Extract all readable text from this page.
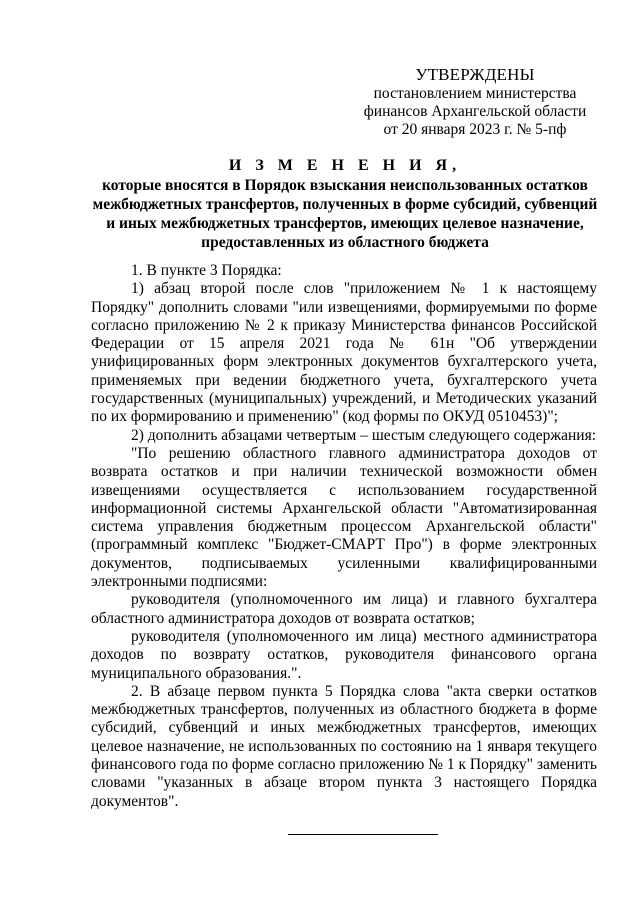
УТВЕРЖДЕНЫ
постановлением министерства
финансов Архангельской области
от 20 января 2023 г. № 5-пф
И З М Е Н Е Н И Я,
которые вносятся в Порядок взыскания неиспользованных остатков межбюджетных трансфертов, полученных в форме субсидий, субвенций и иных межбюджетных трансфертов, имеющих целевое назначение, предоставленных из областного бюджета

1. В пункте 3 Порядка:

1) абзац второй после слов "приложением № 1 к настоящему Порядку" дополнить словами "или извещениями, формируемыми по форме согласно приложению № 2 к приказу Министерства финансов Российской Федерации от 15 апреля 2021 года № 61н "Об утверждении унифицированных форм электронных документов бухгалтерского учета, применяемых при ведении бюджетного учета, бухгалтерского учета государственных (муниципальных) учреждений, и Методических указаний по их формированию и применению" (код формы по ОКУД 0510453)";

2) дополнить абзацами четвертым – шестым следующего содержания:

"По решению областного главного администратора доходов от возврата остатков и при наличии технической возможности обмен извещениями осуществляется с использованием государственной информационной системы Архангельской области "Автоматизированная система управления бюджетным процессом Архангельской области" (программный комплекс "Бюджет-СМАРТ Про") в форме электронных документов, подписываемых усиленными квалифицированными электронными подписями:

руководителя (уполномоченного им лица) и главного бухгалтера областного администратора доходов от возврата остатков;

руководителя (уполномоченного им лица) местного администратора доходов по возврату остатков, руководителя финансового органа муниципального образования.".

2. В абзаце первом пункта 5 Порядка слова "акта сверки остатков межбюджетных трансфертов, полученных из областного бюджета в форме субсидий, субвенций и иных межбюджетных трансфертов, имеющих целевое назначение, не использованных по состоянию на 1 января текущего финансового года по форме согласно приложению № 1 к Порядку" заменить словами "указанных в абзаце втором пункта 3 настоящего Порядка документов".
